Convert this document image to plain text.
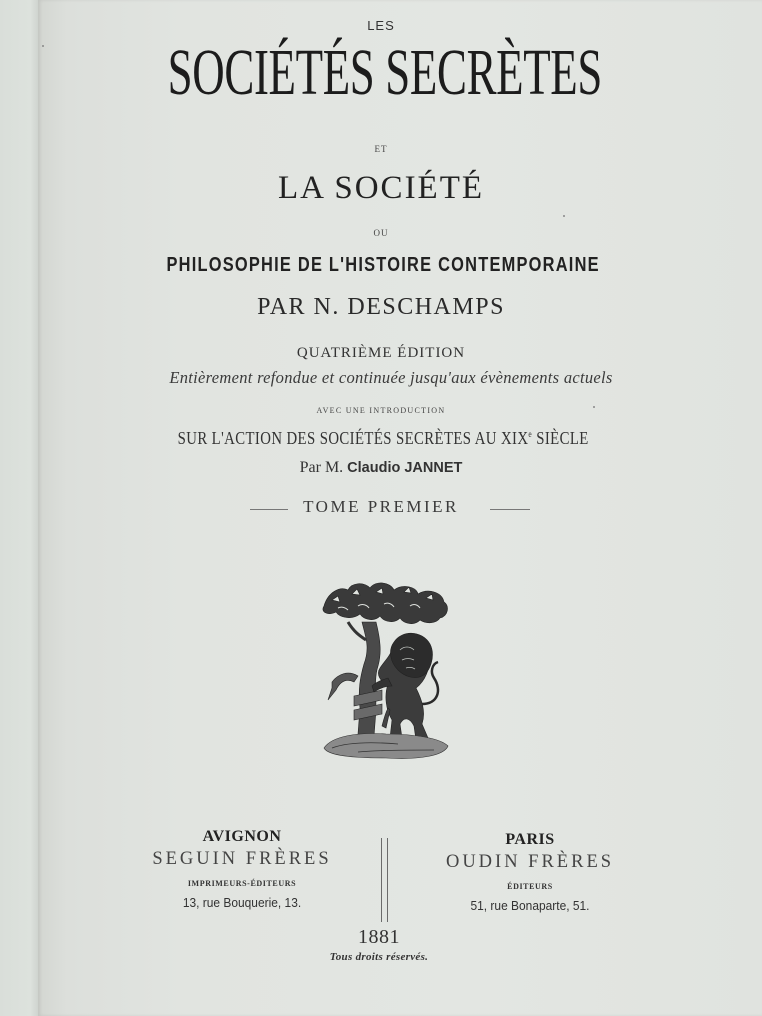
LES
SOCIÉTÉS SECRÈTES
ET
LA SOCIÉTÉ
OU
PHILOSOPHIE DE L'HISTOIRE CONTEMPORAINE
PAR N. DESCHAMPS
QUATRIÈME ÉDITION
Entièrement refondue et continuée jusqu'aux évènements actuels
AVEC UNE INTRODUCTION
SUR L'ACTION DES SOCIÉTÉS SECRÈTES AU XIXe SIÈCLE
Par M. Claudio JANNET
TOME PREMIER
AVIGNON
SEGUIN FRÈRES
IMPRIMEURS-ÉDITEURS
13, rue Bouquerie, 13.
PARIS
OUDIN FRÈRES
ÉDITEURS
51, rue Bonaparte, 51.
1881
Tous droits réservés.
